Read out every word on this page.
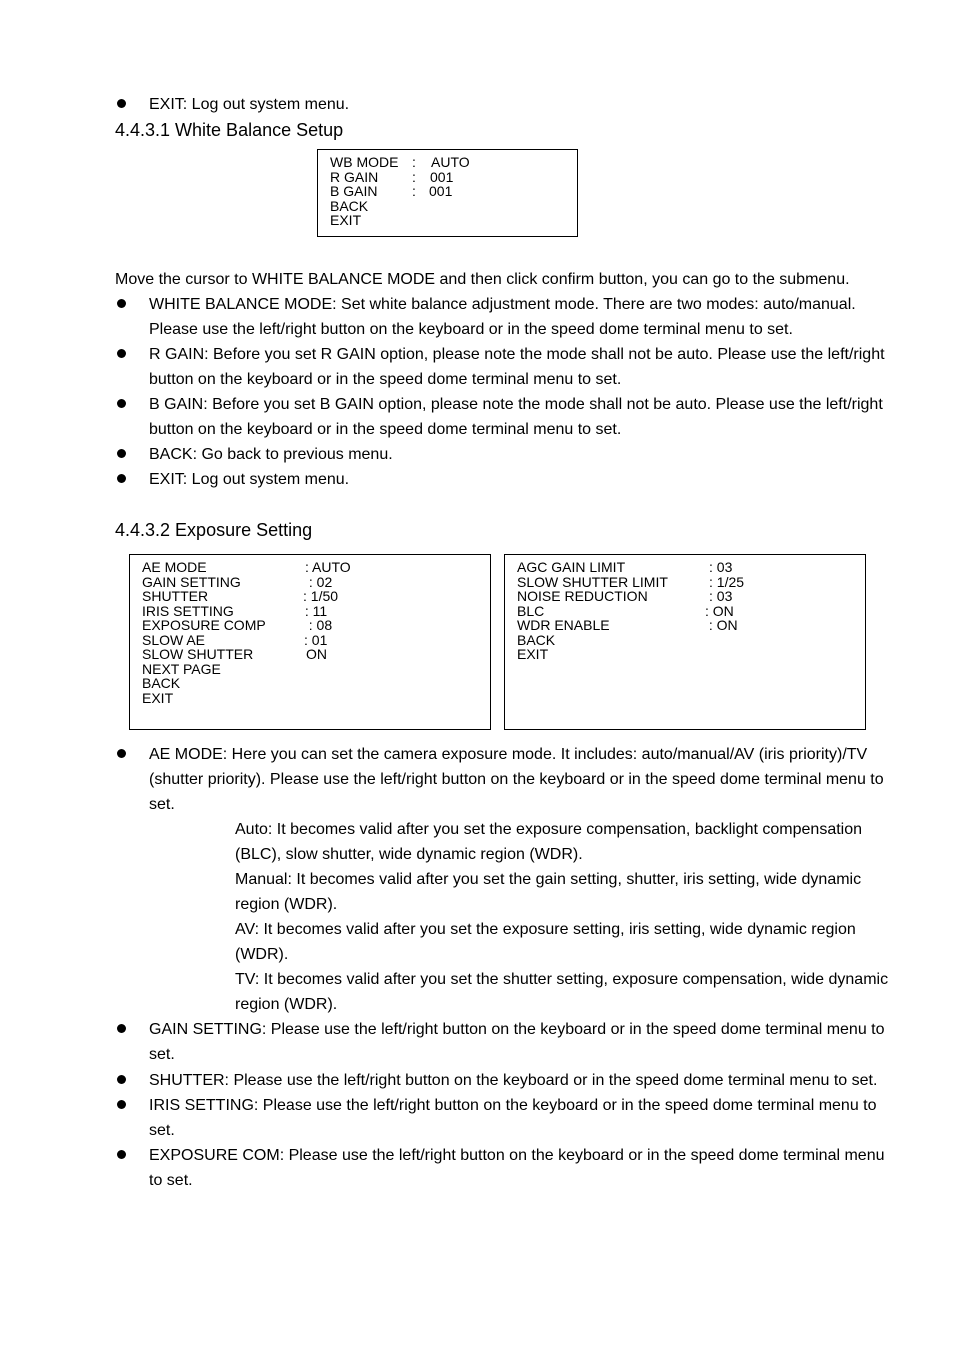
EXIT: Log out system menu.
4.4.3.1 White Balance Setup
WB MODE : AUTO
R GAIN : 001
B GAIN : 001
BACK
EXIT
Move the cursor to WHITE BALANCE MODE and then click confirm button, you can go to the submenu.
WHITE BALANCE MODE: Set white balance adjustment mode. There are two modes: auto/manual.
Please use the left/right button on the keyboard or in the speed dome terminal menu to set.
R GAIN: Before you set R GAIN option, please note the mode shall not be auto. Please use the left/right
button on the keyboard or in the speed dome terminal menu to set.
B GAIN: Before you set B GAIN option, please note the mode shall not be auto. Please use the left/right
button on the keyboard or in the speed dome terminal menu to set.
BACK: Go back to previous menu.
EXIT: Log out system menu.
4.4.3.2 Exposure Setting
AE MODE	: AUTO
GAIN SETTING	: 02
SHUTTER	: 1/50
IRIS SETTING	: 11
EXPOSURE COMP	: 08
SLOW AE	: 01
SLOW SHUTTER	ON
NEXT PAGE
BACK
EXIT
AGC GAIN LIMIT	: 03
SLOW SHUTTER LIMIT	: 1/25
NOISE REDUCTION	: 03
BLC	: ON
WDR ENABLE	: ON
BACK
EXIT
AE MODE: Here you can set the camera exposure mode. It includes: auto/manual/AV (iris priority)/TV
(shutter priority). Please use the left/right button on the keyboard or in the speed dome terminal menu to
set.
Auto: It becomes valid after you set the exposure compensation, backlight compensation
(BLC), slow shutter, wide dynamic region (WDR).
Manual: It becomes valid after you set the gain setting, shutter, iris setting, wide dynamic
region (WDR).
AV: It becomes valid after you set the exposure setting, iris setting, wide dynamic region
(WDR).
TV: It becomes valid after you set the shutter setting, exposure compensation, wide dynamic
region (WDR).
GAIN SETTING: Please use the left/right button on the keyboard or in the speed dome terminal menu to
set.
SHUTTER: Please use the left/right button on the keyboard or in the speed dome terminal menu to set.
IRIS SETTING: Please use the left/right button on the keyboard or in the speed dome terminal menu to
set.
EXPOSURE COM: Please use the left/right button on the keyboard or in the speed dome terminal menu
to set.
